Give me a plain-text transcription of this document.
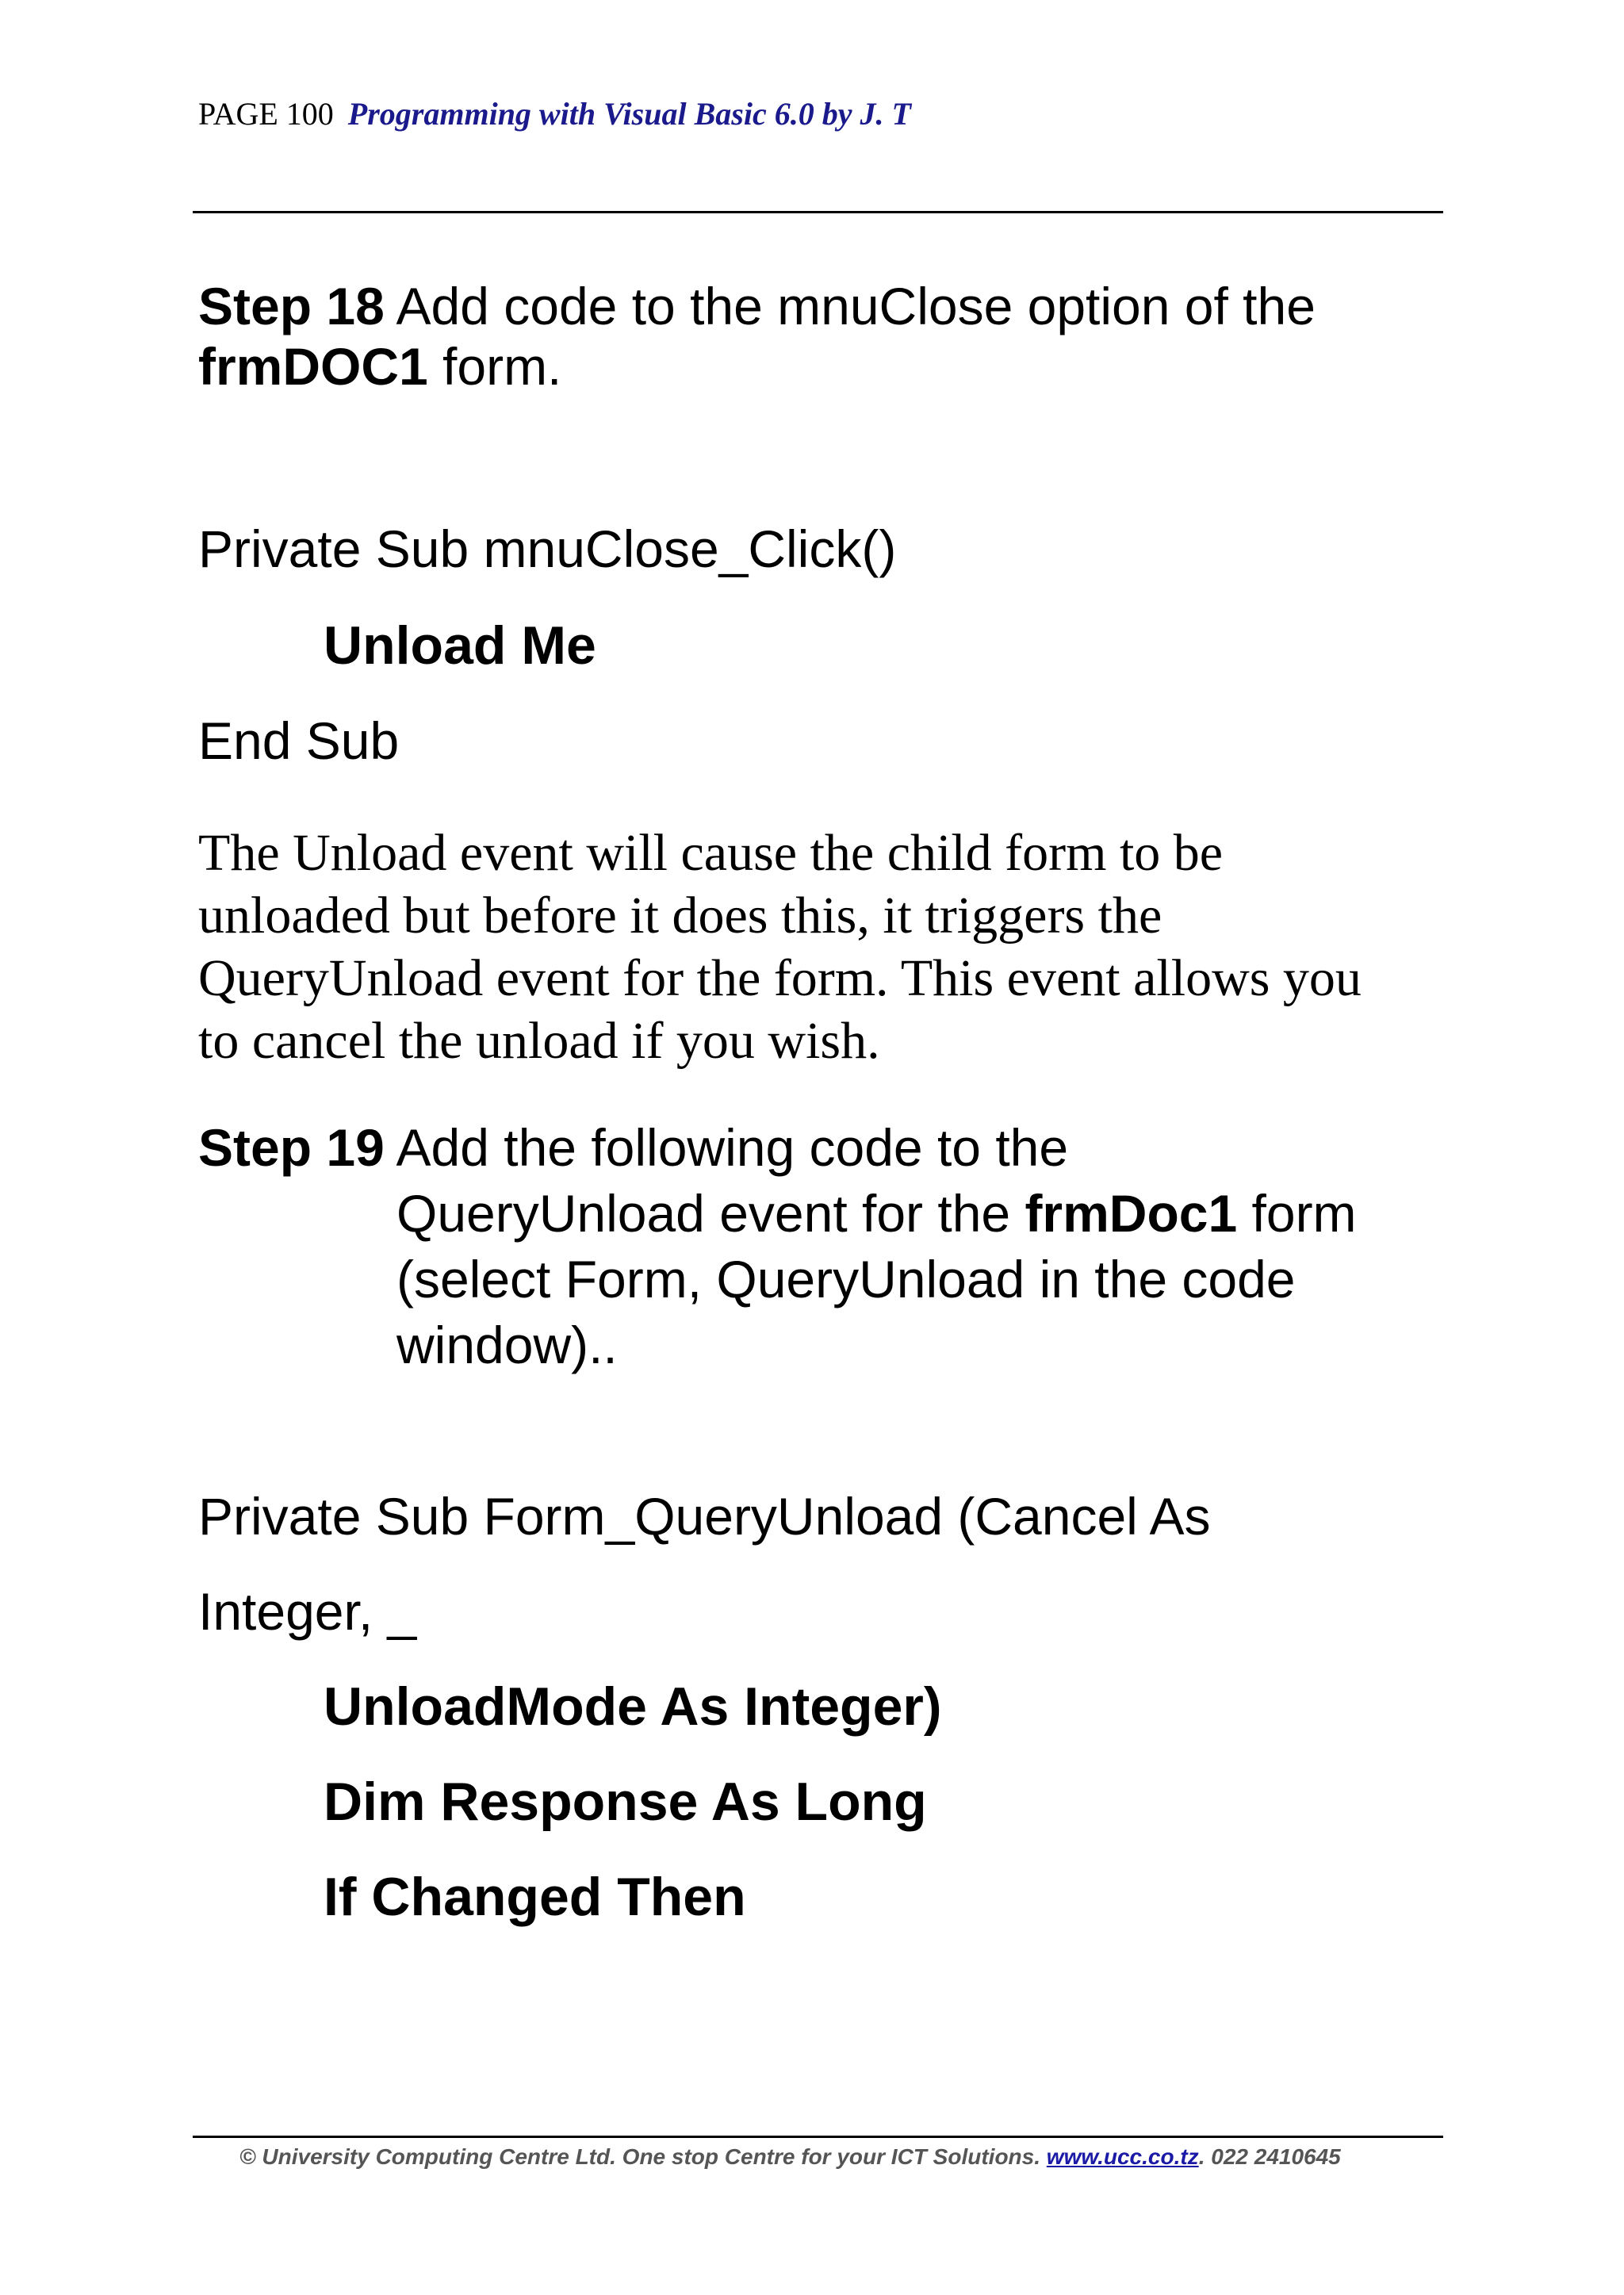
PAGE 100 Programming with Visual Basic 6.0 by J. T
Step 18 Add code to the mnuClose option of the
frmDOC1 form.
Private Sub mnuClose_Click()
Unload Me
End Sub
The Unload event will cause the child form to be
unloaded but before it does this, it triggers the
QueryUnload event for the form. This event allows you
to cancel the unload if you wish.
Step 19 Add the following code to the
QueryUnload event for the frmDoc1 form
(select Form, QueryUnload in the code
window)..
Private Sub Form_QueryUnload (Cancel As
Integer, _
UnloadMode As Integer)
Dim Response As Long
If Changed Then
© University Computing Centre Ltd. One stop Centre for your ICT Solutions. www.ucc.co.tz. 022 2410645
